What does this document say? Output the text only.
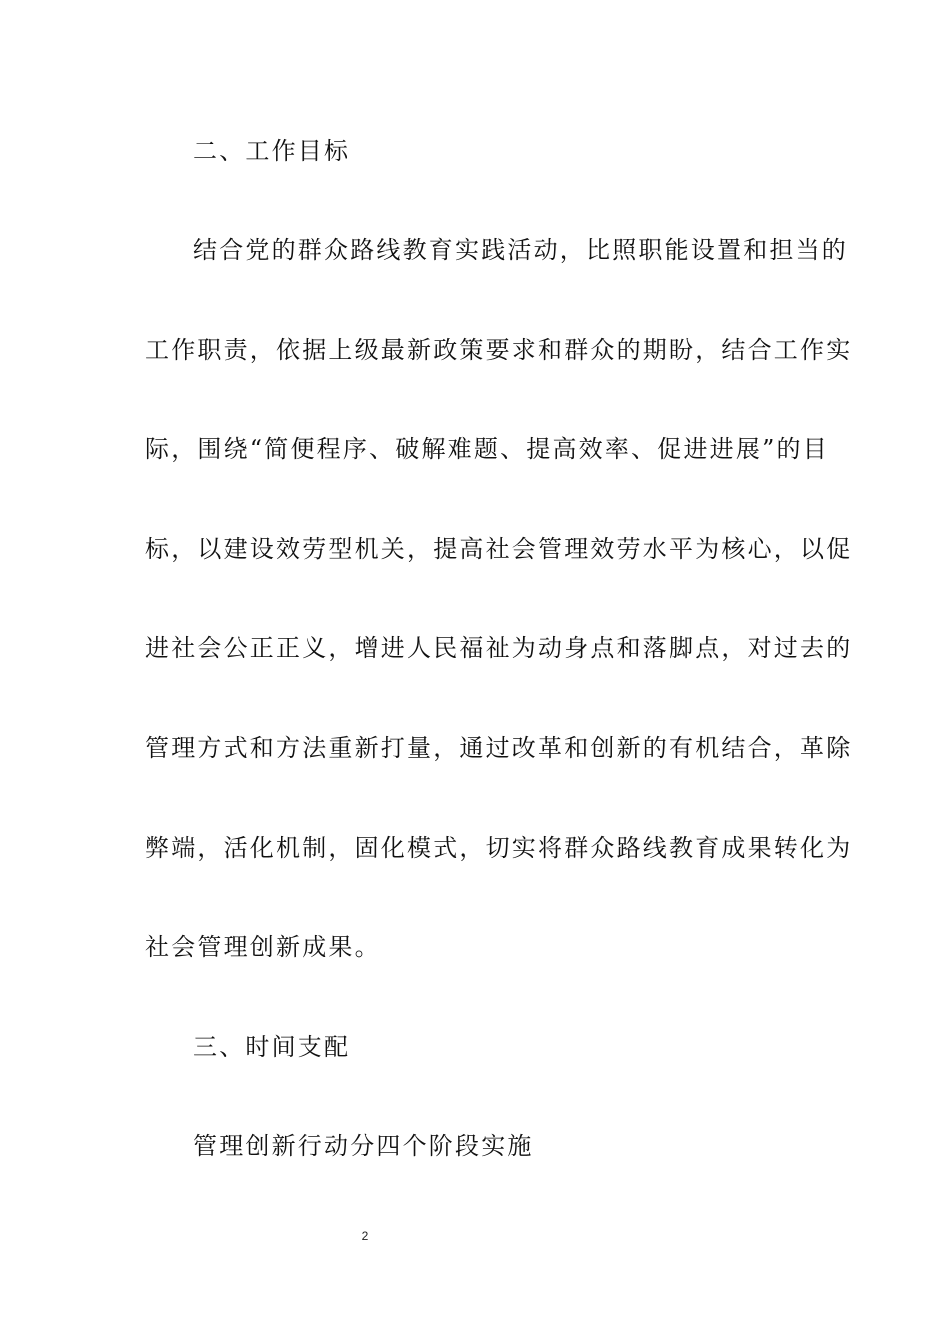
二、工作目标
结合党的群众路线教育实践活动，比照职能设置和担当的
工作职责，依据上级最新政策要求和群众的期盼，结合工作实
际，围绕“简便程序、破解难题、提高效率、促进进展”的目
标，以建设效劳型机关，提高社会管理效劳水平为核心，以促
进社会公正正义，增进人民福祉为动身点和落脚点，对过去的
管理方式和方法重新打量，通过改革和创新的有机结合，革除
弊端，活化机制，固化模式，切实将群众路线教育成果转化为
社会管理创新成果。
三、时间支配
管理创新行动分四个阶段实施
2
